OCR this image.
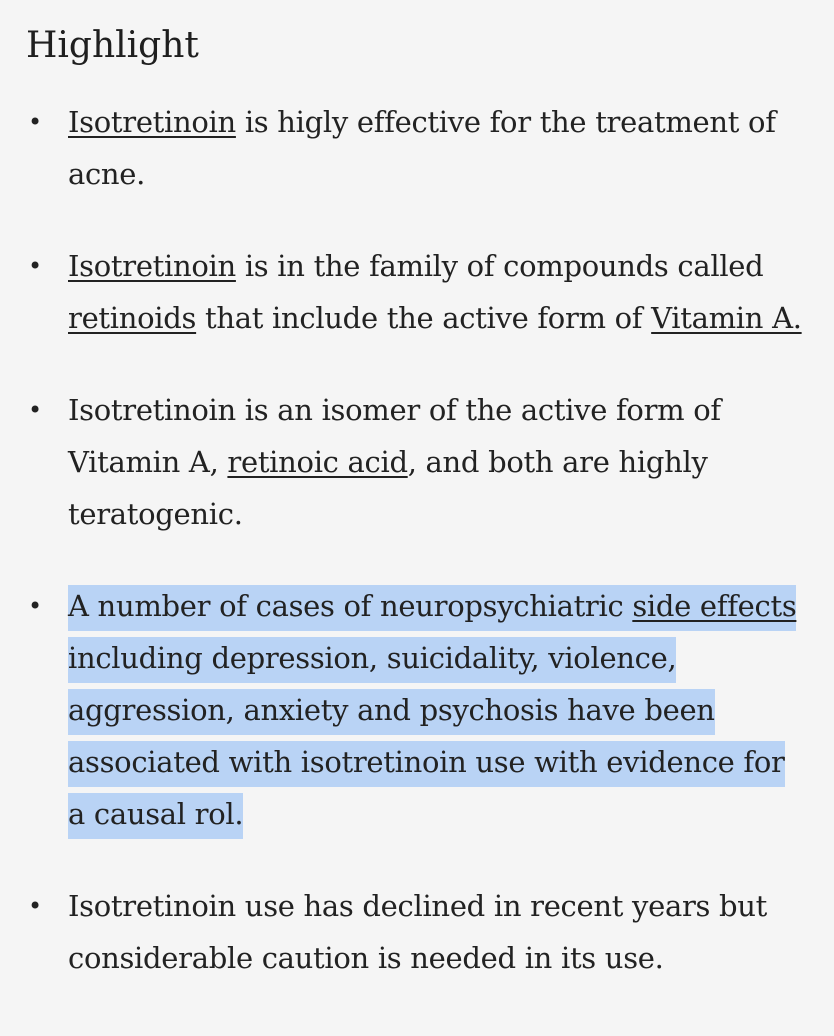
Highlight
• Isotretinoin is higly effective for the treatment of acne.
• Isotretinoin is in the family of compounds called retinoids that include the active form of Vitamin A.
• Isotretinoin is an isomer of the active form of Vitamin A, retinoic acid, and both are highly teratogenic.
• A number of cases of neuropsychiatric side effects including depression, suicidality, violence, aggression, anxiety and psychosis have been associated with isotretinoin use with evidence for a causal rol.
• Isotretinoin use has declined in recent years but considerable caution is needed in its use.
